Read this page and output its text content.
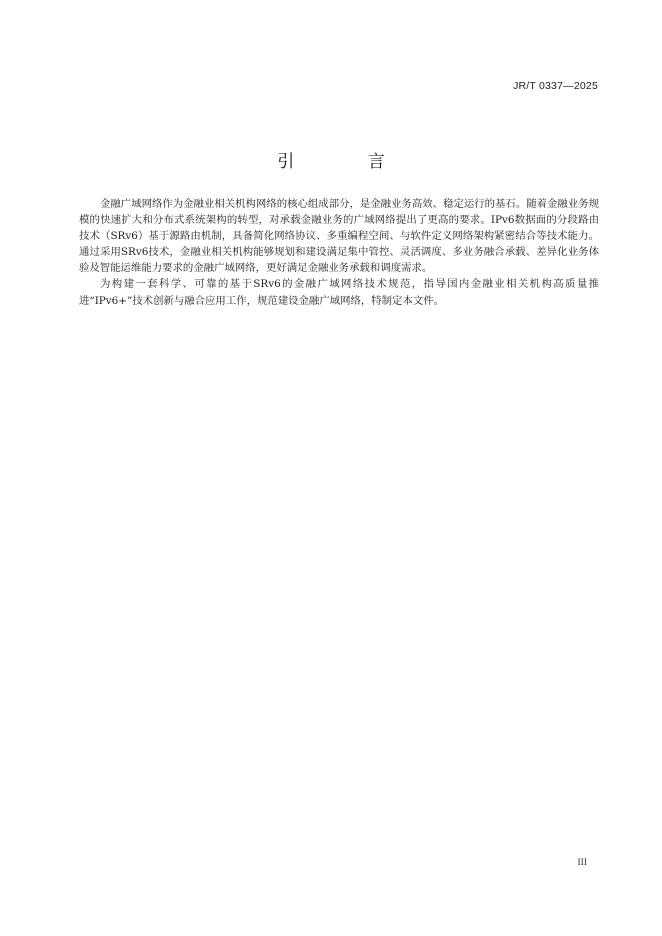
JR/T 0337—2025
引 言

金融广域网络作为金融业相关机构网络的核心组成部分，是金融业务高效、稳定运行的基石。随着金融业务规模的快速扩大和分布式系统架构的转型，对承载金融业务的广域网络提出了更高的要求。IPv6数据面的分段路由技术（SRv6）基于源路由机制，具备简化网络协议、多重编程空间、与软件定义网络架构紧密结合等技术能力。通过采用SRv6技术，金融业相关机构能够规划和建设满足集中管控、灵活调度、多业务融合承载、差异化业务体验及智能运维能力要求的金融广域网络，更好满足金融业务承载和调度需求。

为构建一套科学、可靠的基于SRv6的金融广域网络技术规范，指导国内金融业相关机构高质量推进“IPv6+”技术创新与融合应用工作，规范建设金融广域网络，特制定本文件。

III
